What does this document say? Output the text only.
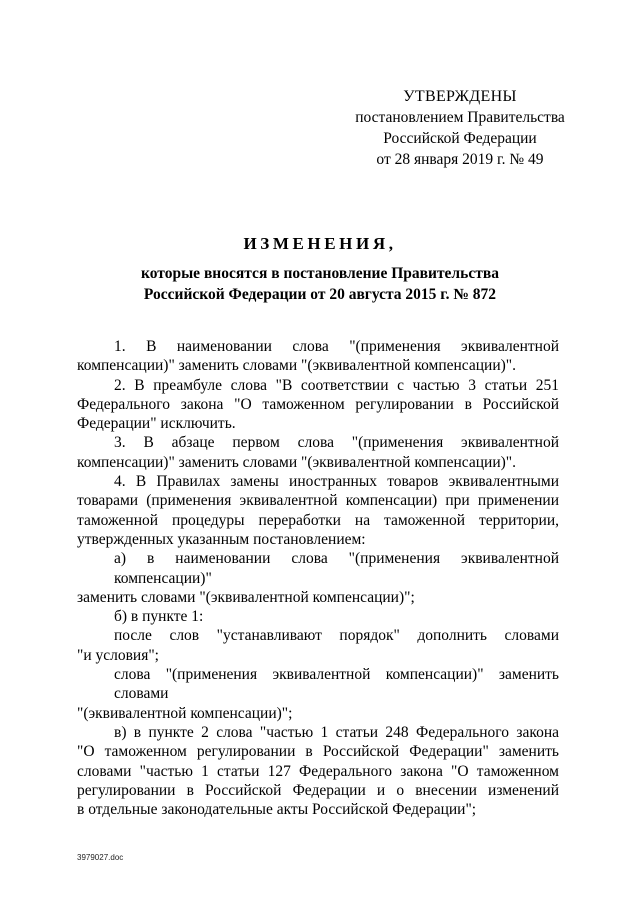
УТВЕРЖДЕНЫ
постановлением Правительства
Российской Федерации
от 28 января 2019 г. № 49
ИЗМЕНЕНИЯ,
которые вносятся в постановление Правительства
Российской Федерации от 20 августа 2015 г. № 872
1. В наименовании слова "(применения эквивалентной
компенсации)" заменить словами "(эквивалентной компенсации)".
2. В преамбуле слова "В соответствии с частью 3 статьи 251
Федерального закона "О таможенном регулировании в Российской
Федерации" исключить.
3. В абзаце первом слова "(применения эквивалентной
компенсации)" заменить словами "(эквивалентной компенсации)".
4. В Правилах замены иностранных товаров эквивалентными
товарами (применения эквивалентной компенсации) при применении
таможенной процедуры переработки на таможенной территории,
утвержденных указанным постановлением:
а) в наименовании слова "(применения эквивалентной компенсации)"
заменить словами "(эквивалентной компенсации)";
б) в пункте 1:
после слов "устанавливают порядок" дополнить словами
"и условия";
слова "(применения эквивалентной компенсации)" заменить словами
"(эквивалентной компенсации)";
в) в пункте 2 слова "частью 1 статьи 248 Федерального закона
"О таможенном регулировании в Российской Федерации" заменить
словами "частью 1 статьи 127 Федерального закона "О таможенном
регулировании в Российской Федерации и о внесении изменений
в отдельные законодательные акты Российской Федерации";
3979027.doc
